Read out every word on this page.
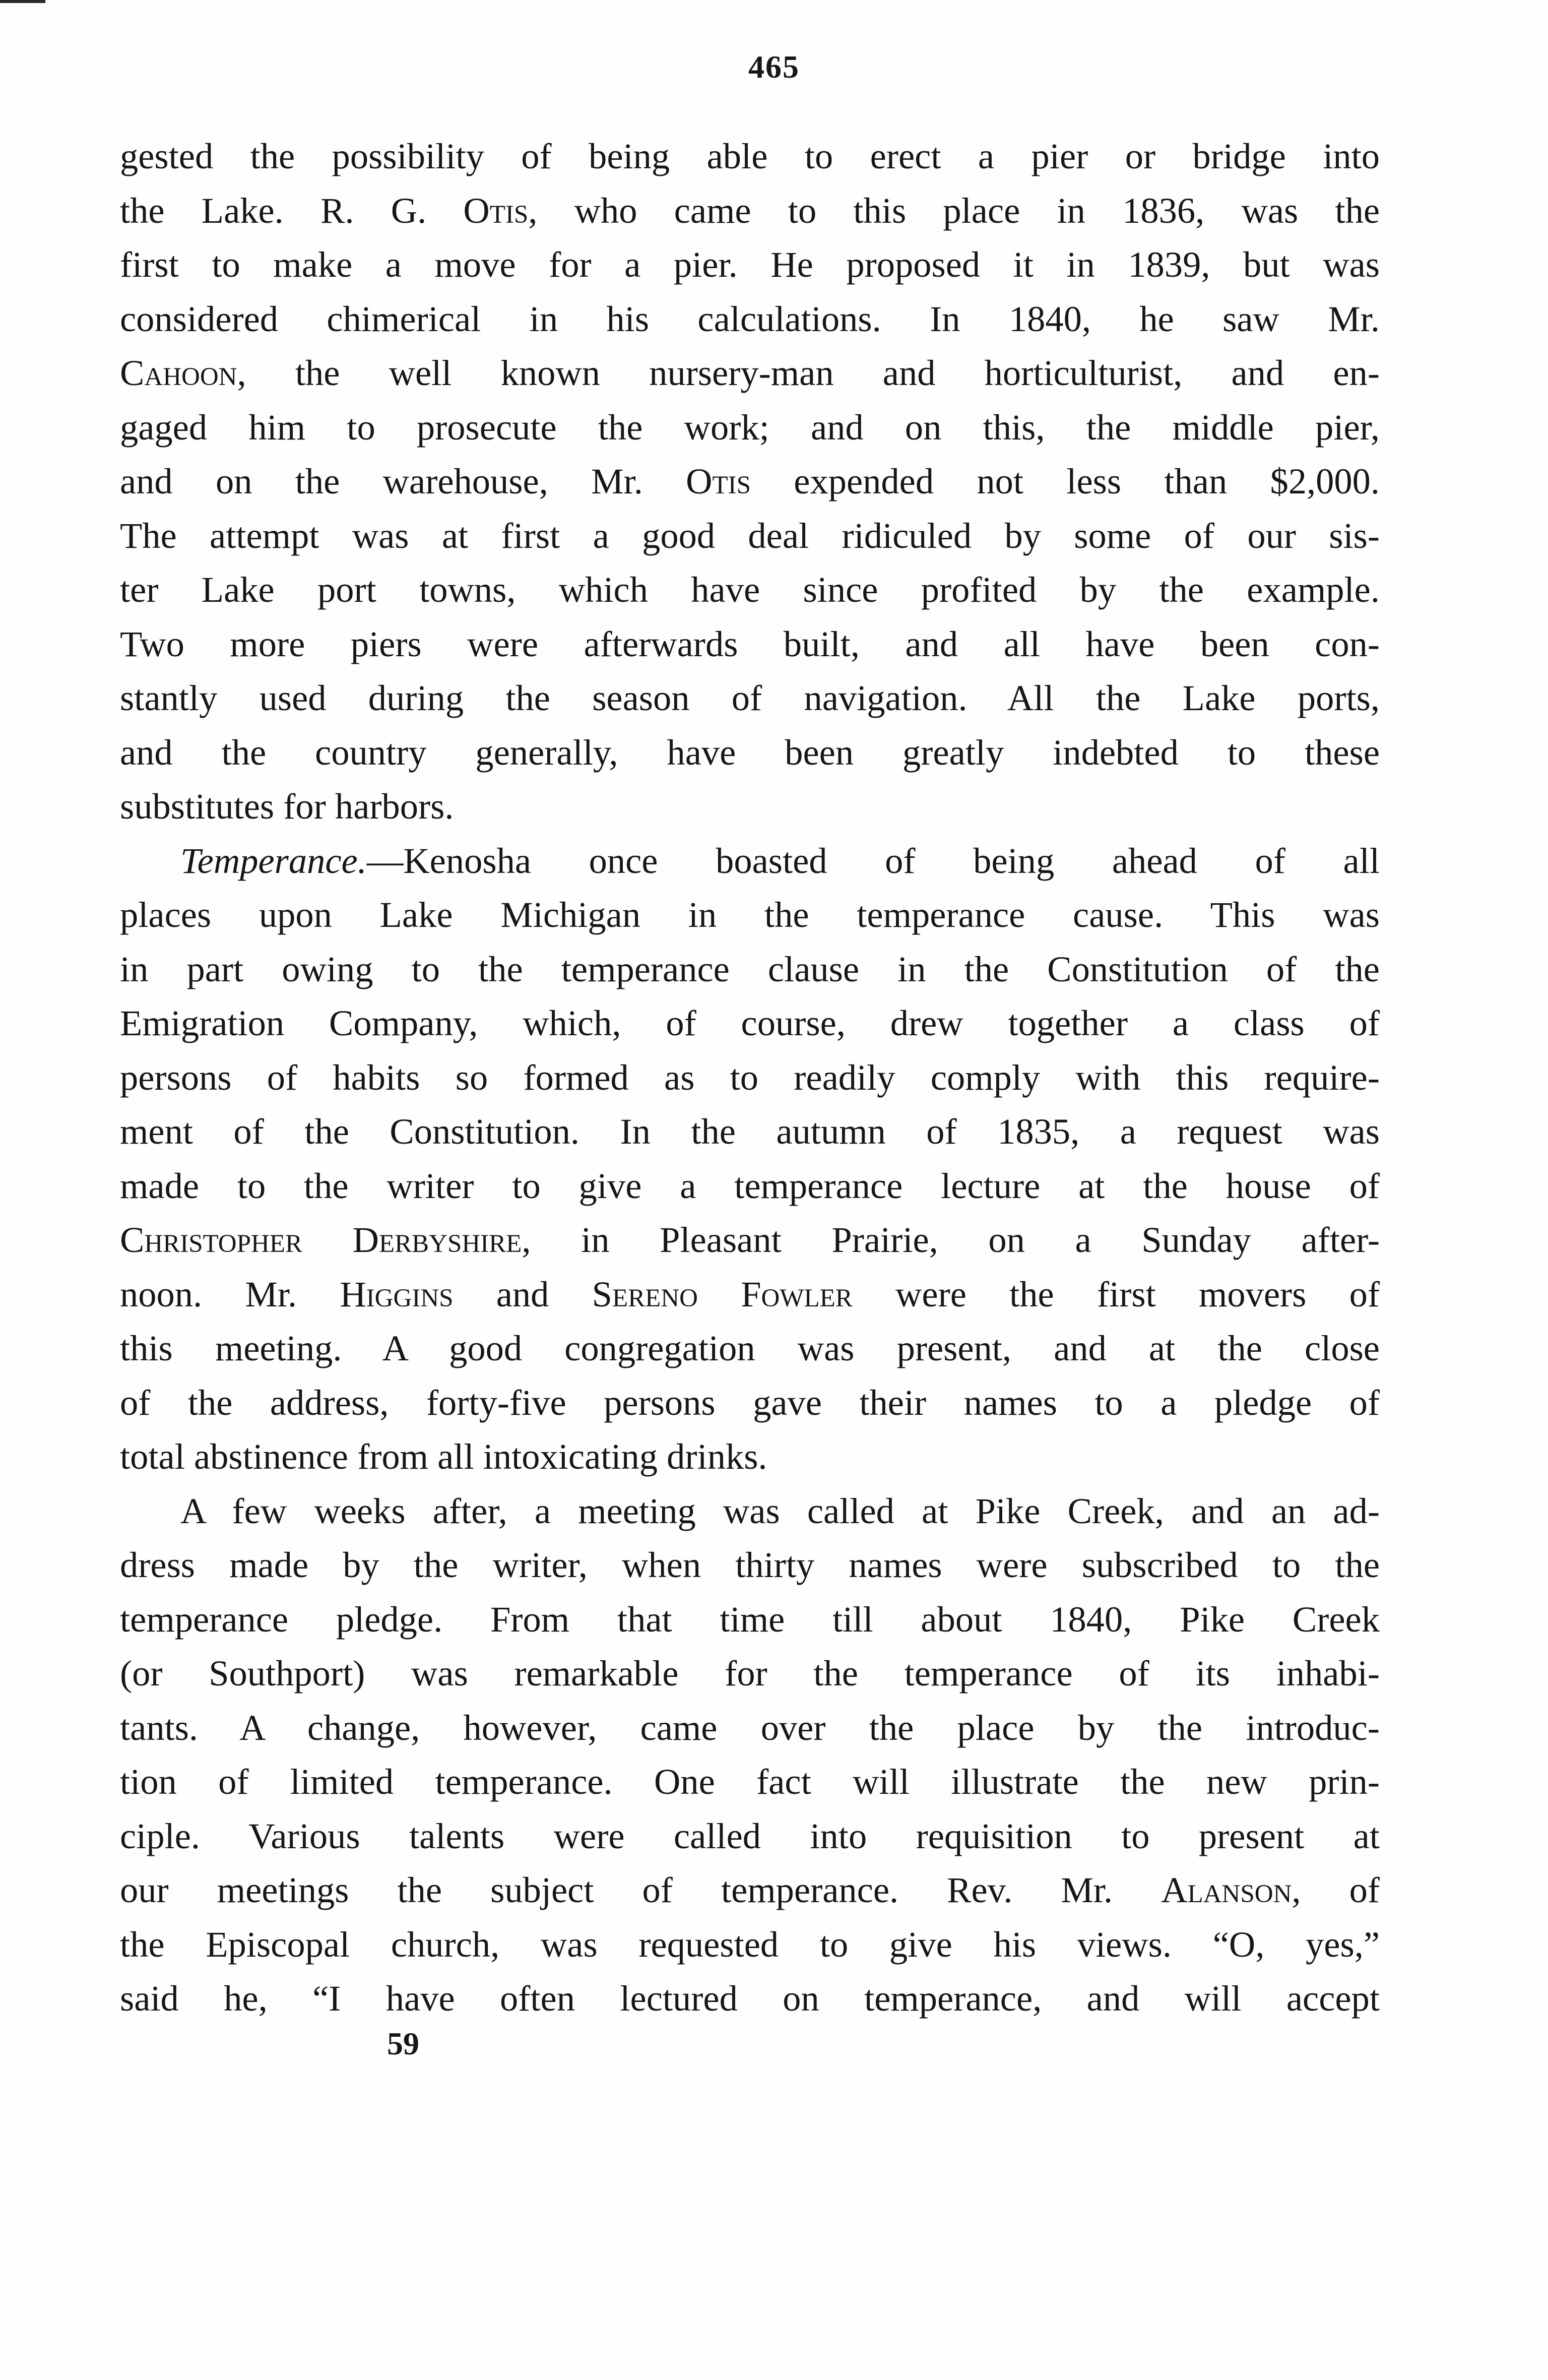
465
gested the possibility of being able to erect a pier or bridge into
the Lake. R. G. Otis, who came to this place in 1836, was the
first to make a move for a pier. He proposed it in 1839, but was
considered chimerical in his calculations. In 1840, he saw Mr.
Cahoon, the well known nursery-man and horticulturist, and en-
gaged him to prosecute the work; and on this, the middle pier,
and on the warehouse, Mr. Otis expended not less than $2,000.
The attempt was at first a good deal ridiculed by some of our sis-
ter Lake port towns, which have since profited by the example.
Two more piers were afterwards built, and all have been con-
stantly used during the season of navigation. All the Lake ports,
and the country generally, have been greatly indebted to these
substitutes for harbors.
Temperance.—Kenosha once boasted of being ahead of all
places upon Lake Michigan in the temperance cause. This was
in part owing to the temperance clause in the Constitution of the
Emigration Company, which, of course, drew together a class of
persons of habits so formed as to readily comply with this require-
ment of the Constitution. In the autumn of 1835, a request was
made to the writer to give a temperance lecture at the house of
Christopher Derbyshire, in Pleasant Prairie, on a Sunday after-
noon. Mr. Higgins and Sereno Fowler were the first movers of
this meeting. A good congregation was present, and at the close
of the address, forty-five persons gave their names to a pledge of
total abstinence from all intoxicating drinks.
A few weeks after, a meeting was called at Pike Creek, and an ad-
dress made by the writer, when thirty names were subscribed to the
temperance pledge. From that time till about 1840, Pike Creek
(or Southport) was remarkable for the temperance of its inhabi-
tants. A change, however, came over the place by the introduc-
tion of limited temperance. One fact will illustrate the new prin-
ciple. Various talents were called into requisition to present at
our meetings the subject of temperance. Rev. Mr. Alanson, of
the Episcopal church, was requested to give his views. “O, yes,”
said he, “I have often lectured on temperance, and will accept
59
